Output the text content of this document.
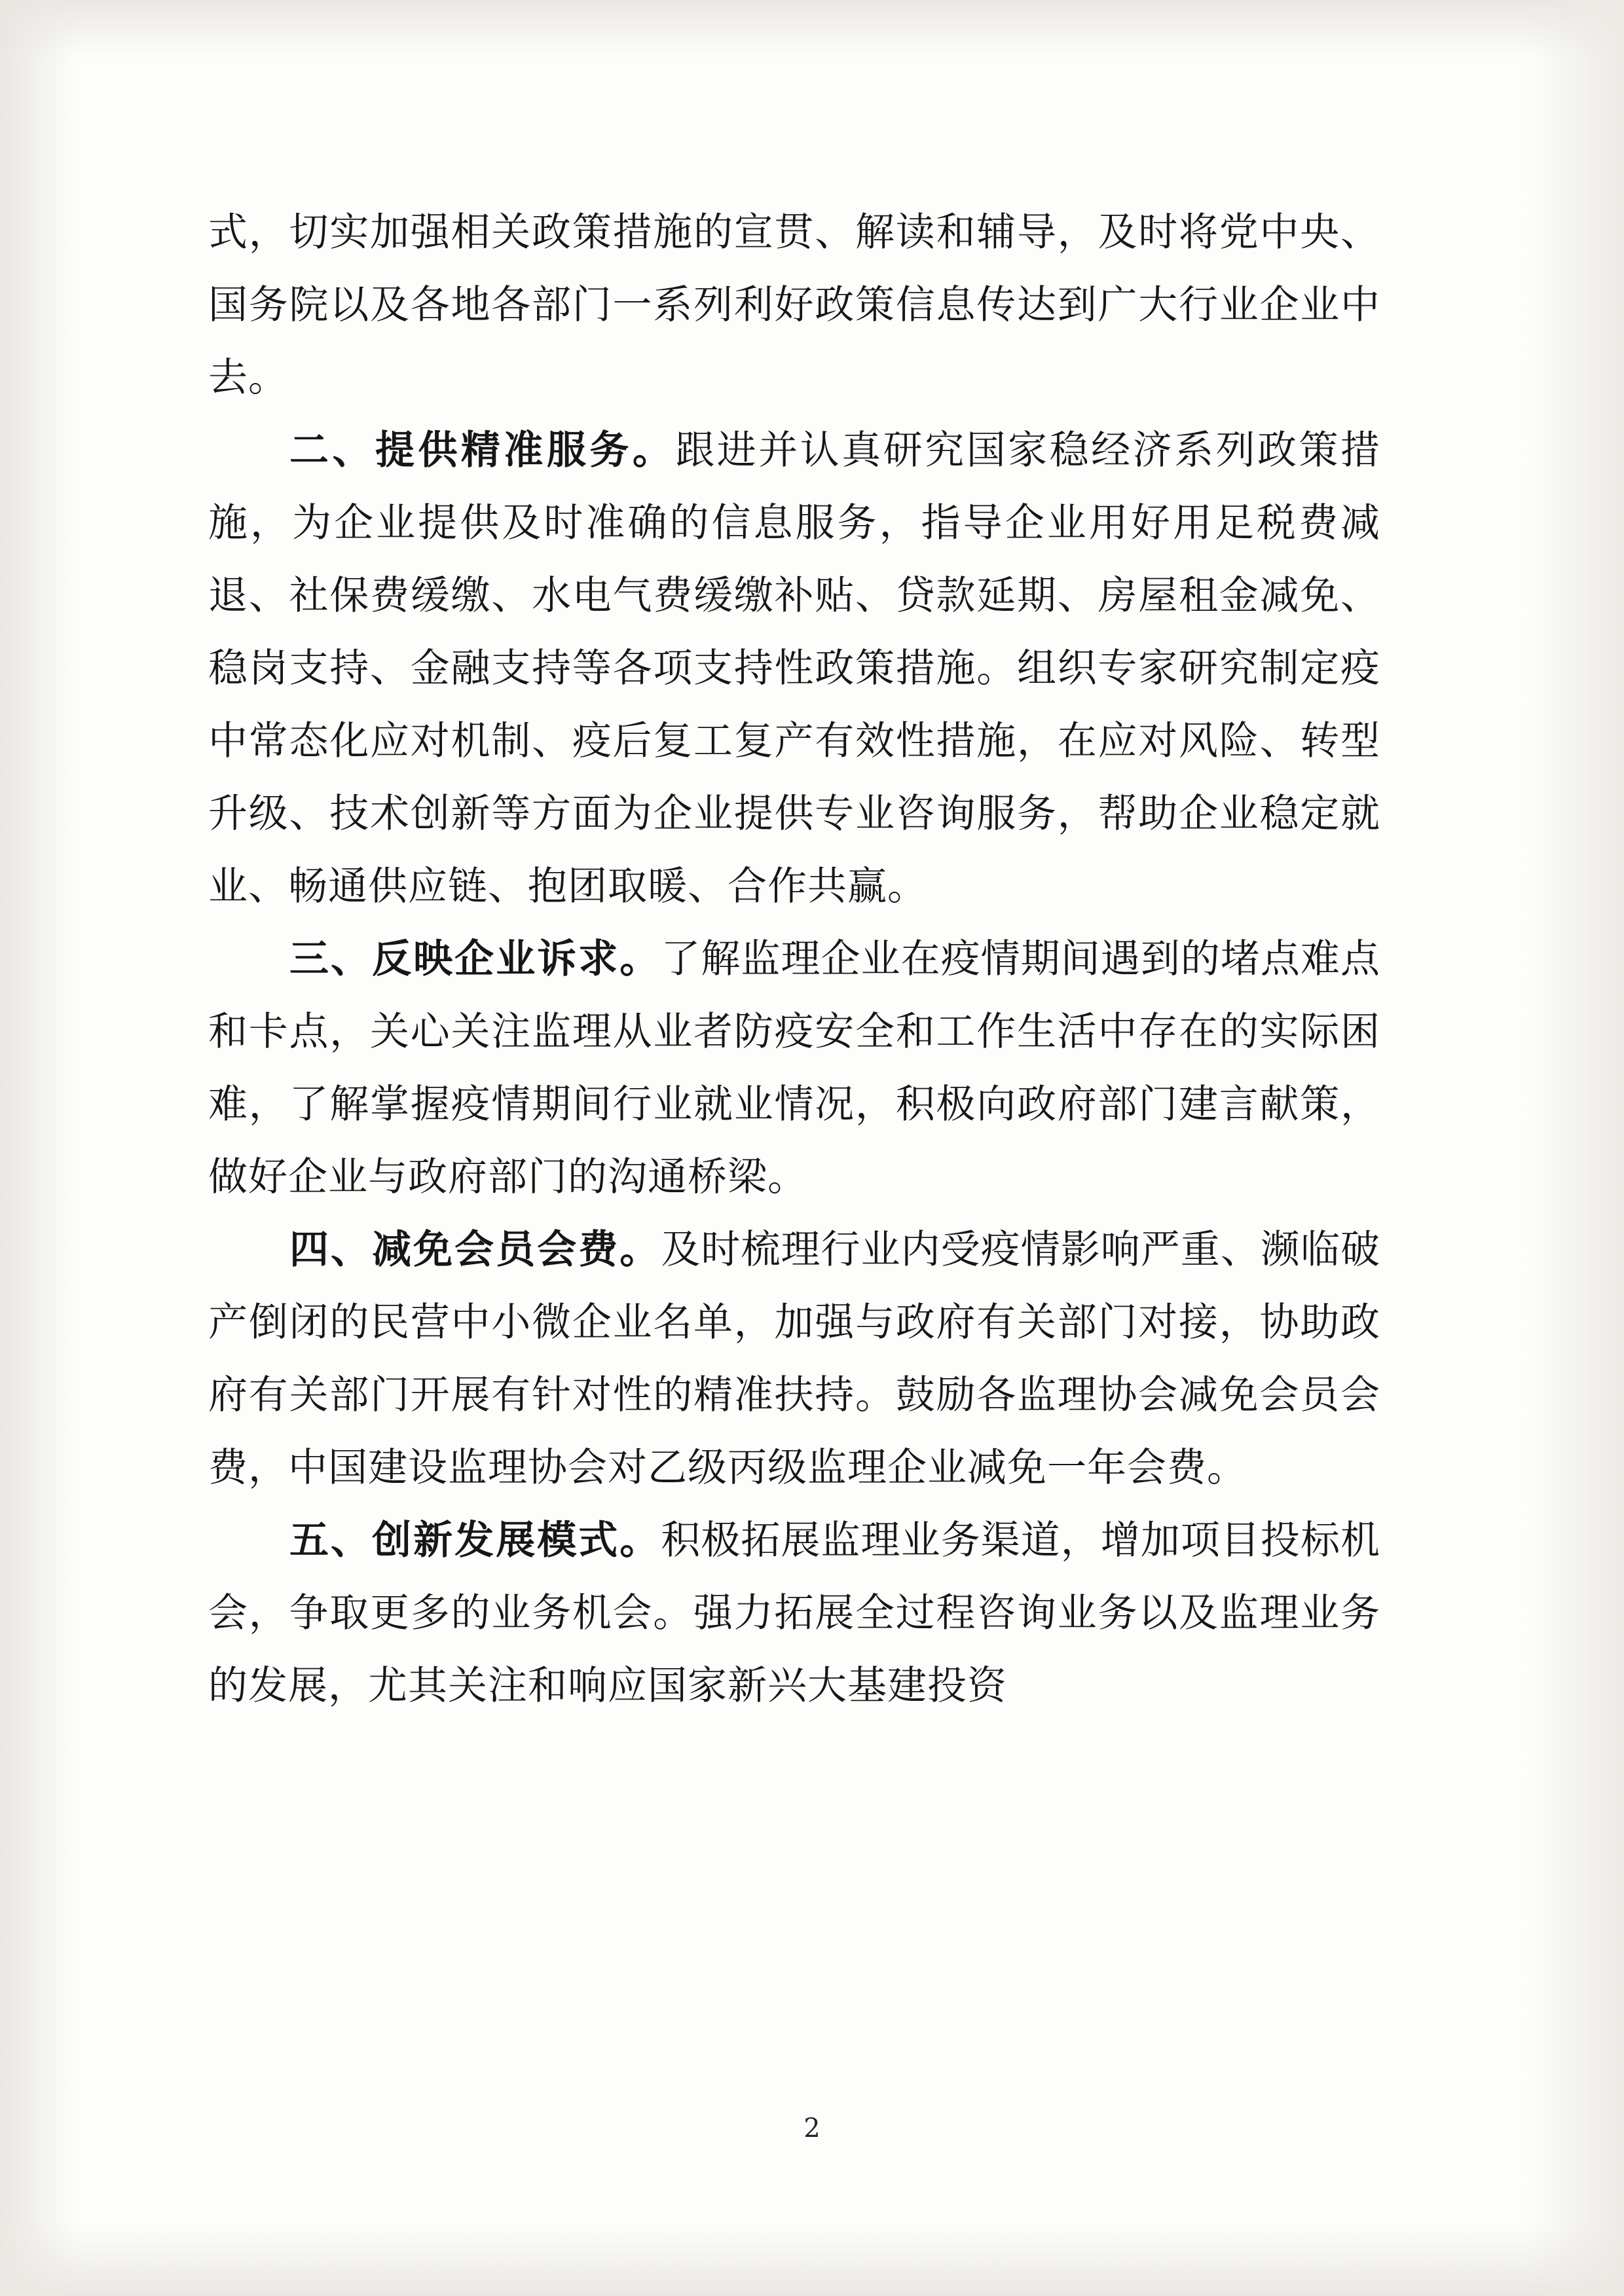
式，切实加强相关政策措施的宣贯、解读和辅导，及时将党中央、国务院以及各地各部门一系列利好政策信息传达到广大行业企业中去。

二、提供精准服务。跟进并认真研究国家稳经济系列政策措施，为企业提供及时准确的信息服务，指导企业用好用足税费减退、社保费缓缴、水电气费缓缴补贴、贷款延期、房屋租金减免、稳岗支持、金融支持等各项支持性政策措施。组织专家研究制定疫中常态化应对机制、疫后复工复产有效性措施，在应对风险、转型升级、技术创新等方面为企业提供专业咨询服务，帮助企业稳定就业、畅通供应链、抱团取暖、合作共赢。

三、反映企业诉求。了解监理企业在疫情期间遇到的堵点难点和卡点，关心关注监理从业者防疫安全和工作生活中存在的实际困难，了解掌握疫情期间行业就业情况，积极向政府部门建言献策，做好企业与政府部门的沟通桥梁。

四、减免会员会费。及时梳理行业内受疫情影响严重、濒临破产倒闭的民营中小微企业名单，加强与政府有关部门对接，协助政府有关部门开展有针对性的精准扶持。鼓励各监理协会减免会员会费，中国建设监理协会对乙级丙级监理企业减免一年会费。

五、创新发展模式。积极拓展监理业务渠道，增加项目投标机会，争取更多的业务机会。强力拓展全过程咨询业务以及监理业务的发展，尤其关注和响应国家新兴大基建投资

2
